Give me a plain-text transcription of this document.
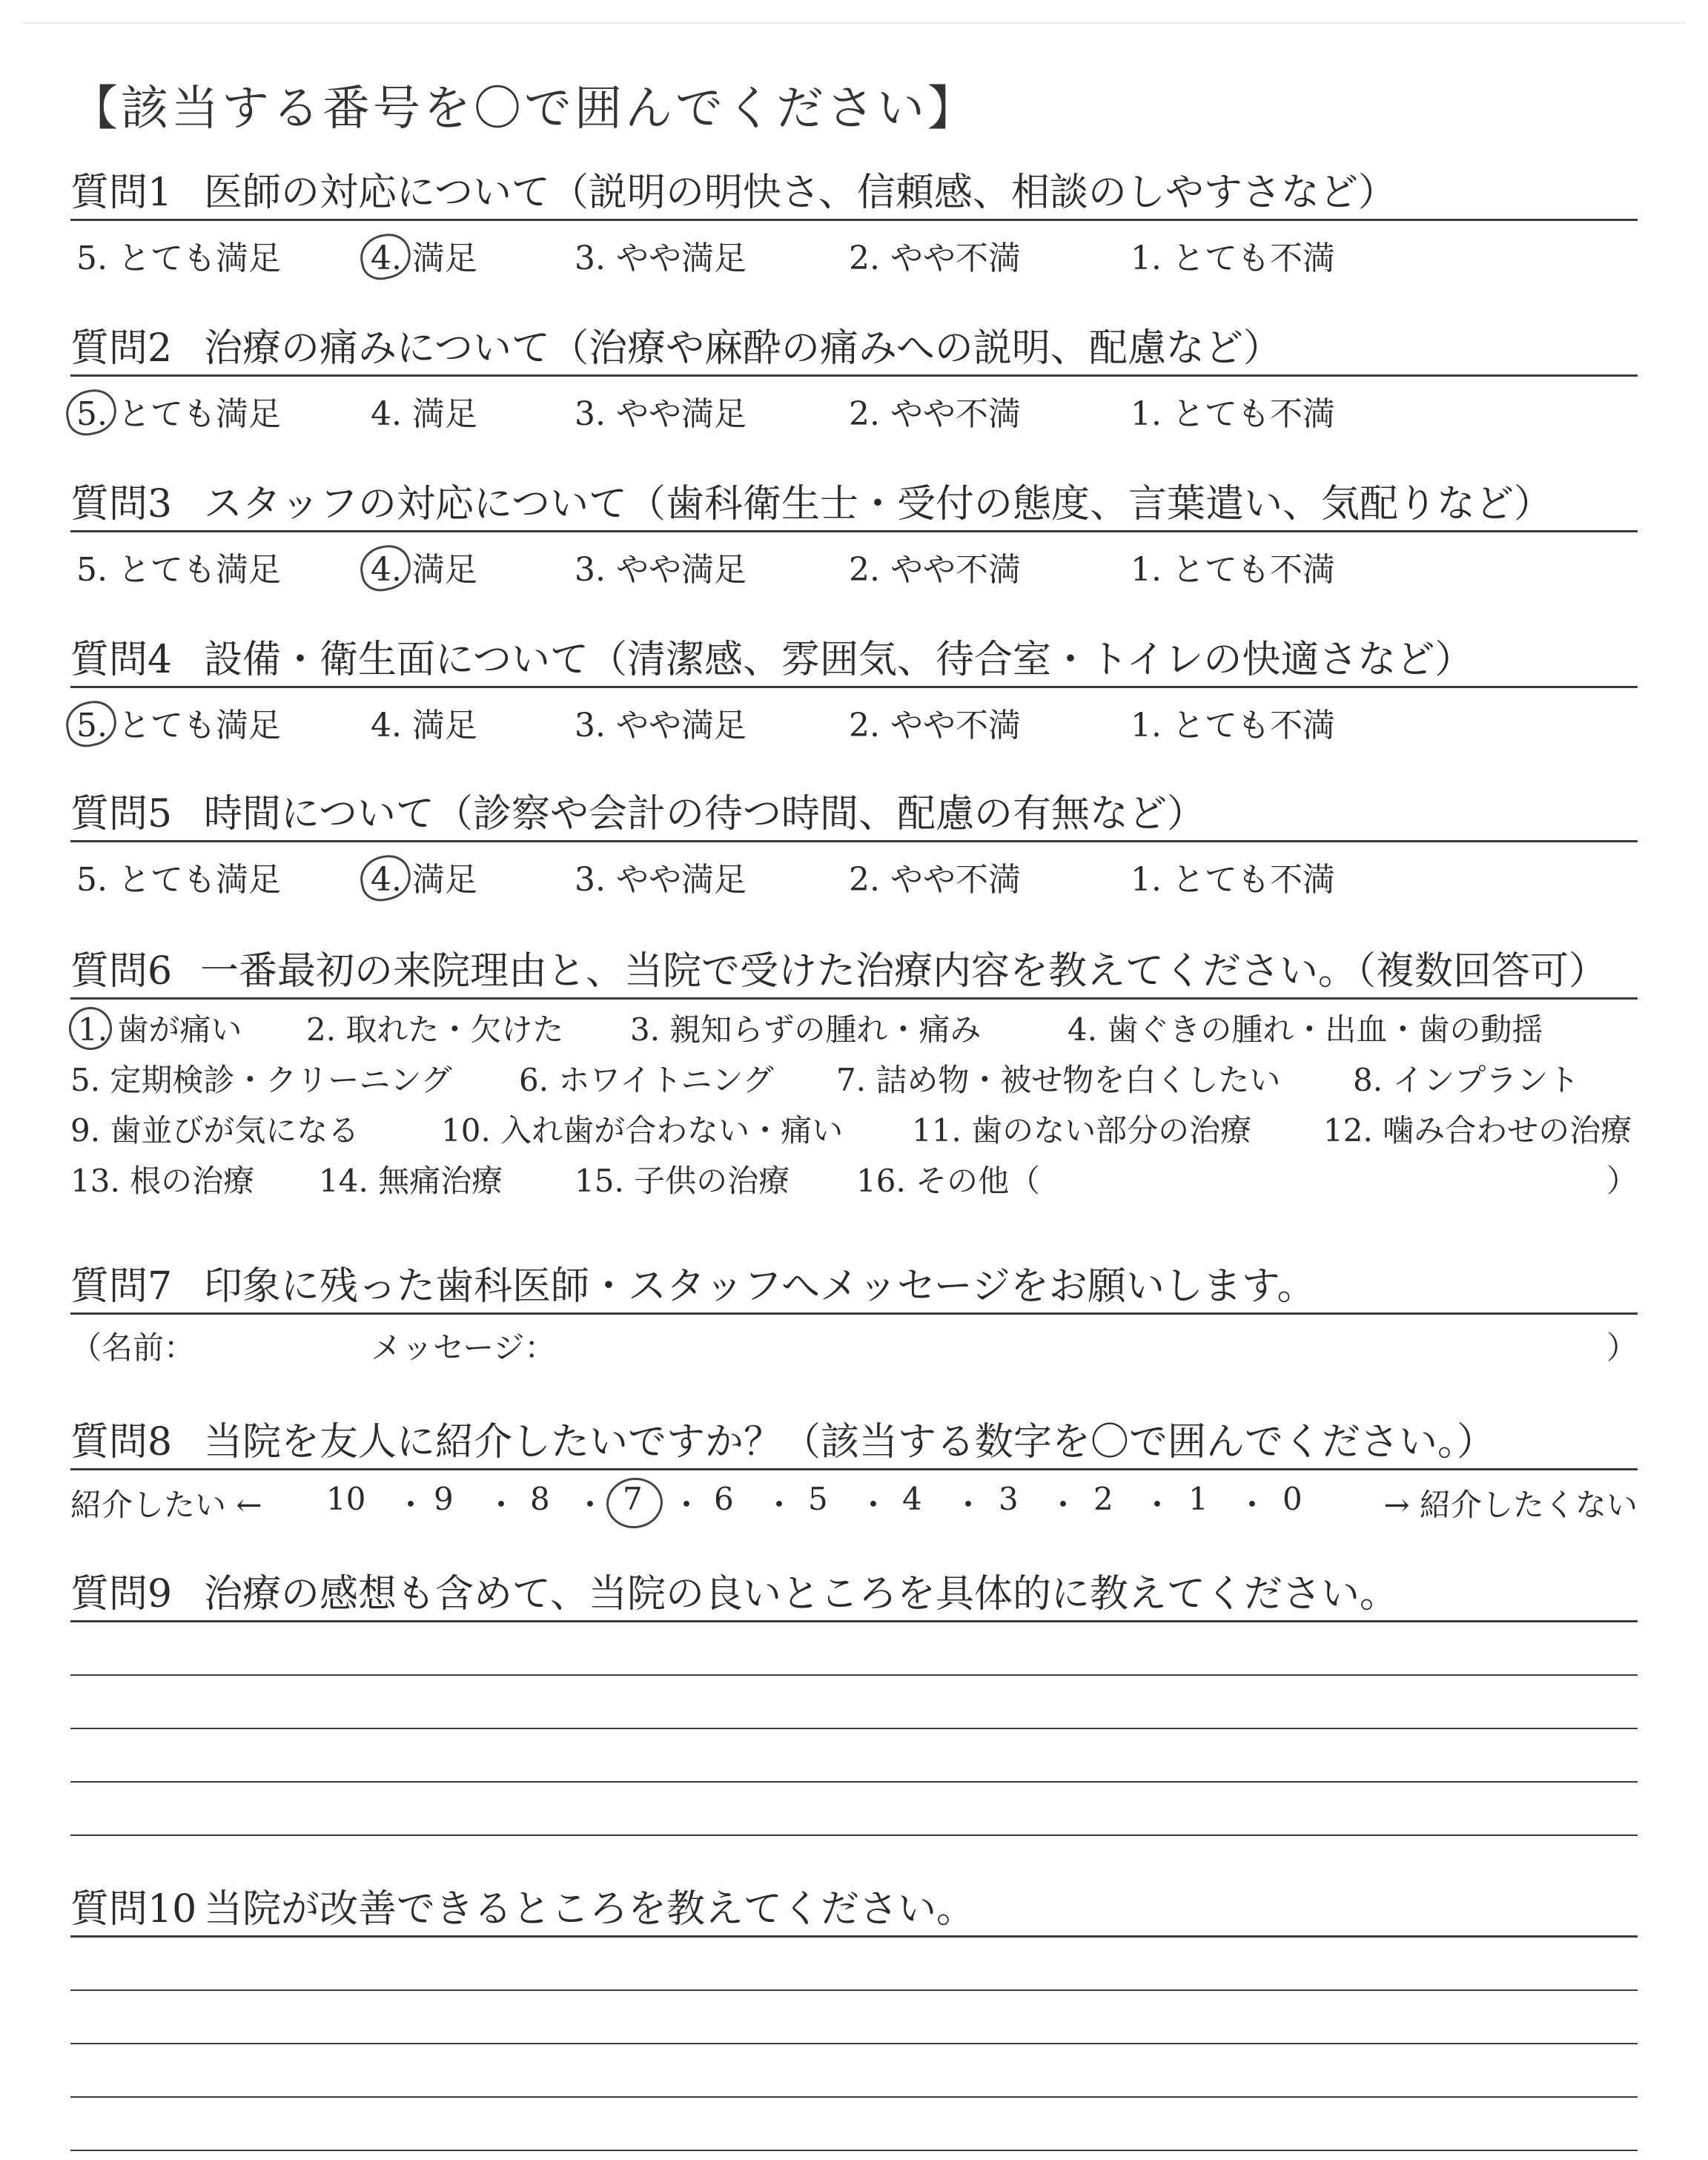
【該当する番号を〇で囲んでください】
質問1 医師の対応について（説明の明快さ、信頼感、相談のしやすさなど）
5. とても満足	4. 満足	3. やや満足	2. やや不満	1. とても不満
質問2 治療の痛みについて（治療や麻酔の痛みへの説明、配慮など）
5. とても満足	4. 満足	3. やや満足	2. やや不満	1. とても不満
質問3 スタッフの対応について（歯科衛生士・受付の態度、言葉遣い、気配りなど）
5. とても満足	4. 満足	3. やや満足	2. やや不満	1. とても不満
質問4 設備・衛生面について（清潔感、雰囲気、待合室・トイレの快適さなど）
5. とても満足	4. 満足	3. やや満足	2. やや不満	1. とても不満
質問5 時間について（診察や会計の待つ時間、配慮の有無など）
5. とても満足	4. 満足	3. やや満足	2. やや不満	1. とても不満
質問6 一番最初の来院理由と、当院で受けた治療内容を教えてください。（複数回答可）
1. 歯が痛い 2. 取れた・欠けた 3. 親知らずの腫れ・痛み	4. 歯ぐきの腫れ・出血・歯の動揺
5. 定期検診・クリーニング 6. ホワイトニング 7. 詰め物・被せ物を白くしたい 8. インプラント
9. 歯並びが気になる	10. 入れ歯が合わない・痛い 11. 歯のない部分の治療 12. 噛み合わせの治療
13. 根の治療 14. 無痛治療 15. 子供の治療 16. その他（	）
質問7 印象に残った歯科医師・スタッフへメッセージをお願いします。
（名前：	メッセージ：	）
質問8 当院を友人に紹介したいですか？（該当する数字を〇で囲んでください。）
紹介したい ← 10 ・ 9 ・ 8 ・ 7 ・ 6 ・ 5 ・ 4 ・ 3 ・ 2 ・ 1 ・ 0	→ 紹介したくない
質問9 治療の感想も含めて、当院の良いところを具体的に教えてください。
質問10 当院が改善できるところを教えてください。
